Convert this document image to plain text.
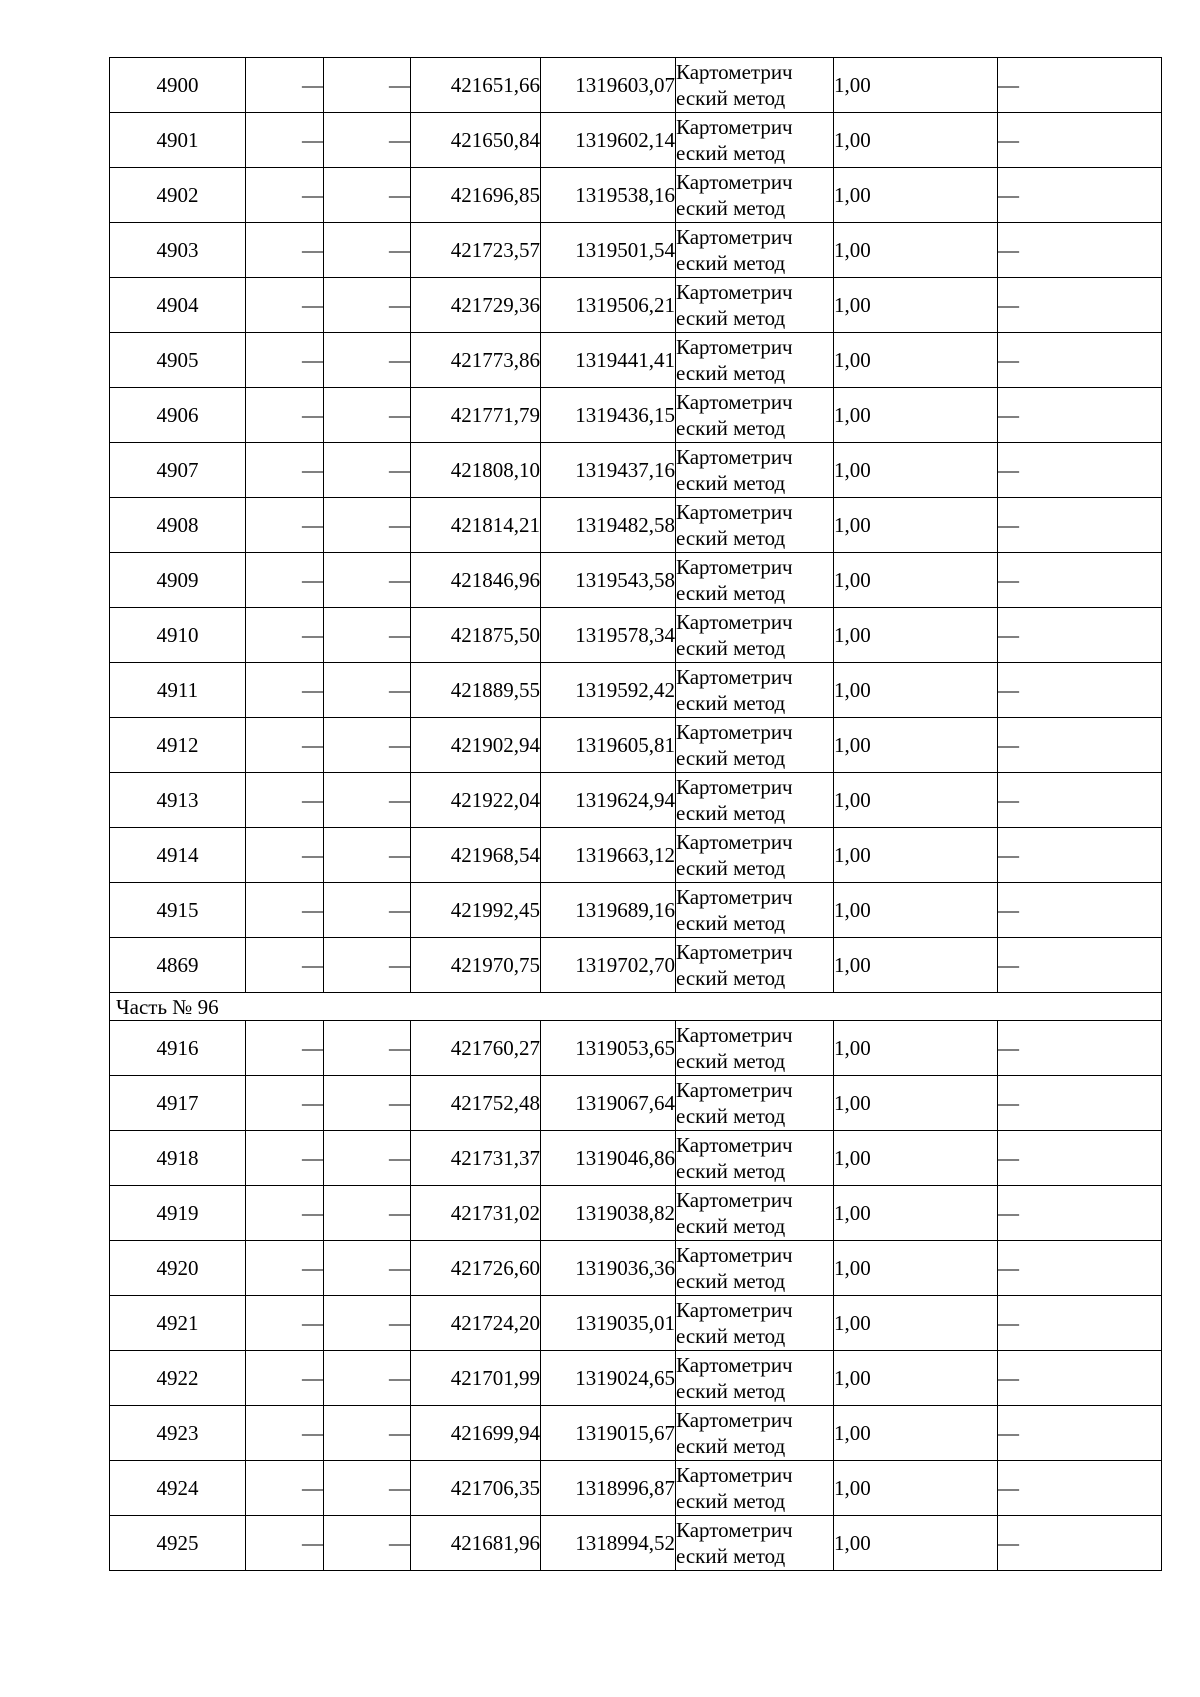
4900	—	—	421651,66	1319603,07	Картометрич
еский метод	1,00	—
4901	—	—	421650,84	1319602,14	Картометрич
еский метод	1,00	—
4902	—	—	421696,85	1319538,16	Картометрич
еский метод	1,00	—
4903	—	—	421723,57	1319501,54	Картометрич
еский метод	1,00	—
4904	—	—	421729,36	1319506,21	Картометрич
еский метод	1,00	—
4905	—	—	421773,86	1319441,41	Картометрич
еский метод	1,00	—
4906	—	—	421771,79	1319436,15	Картометрич
еский метод	1,00	—
4907	—	—	421808,10	1319437,16	Картометрич
еский метод	1,00	—
4908	—	—	421814,21	1319482,58	Картометрич
еский метод	1,00	—
4909	—	—	421846,96	1319543,58	Картометрич
еский метод	1,00	—
4910	—	—	421875,50	1319578,34	Картометрич
еский метод	1,00	—
4911	—	—	421889,55	1319592,42	Картометрич
еский метод	1,00	—
4912	—	—	421902,94	1319605,81	Картометрич
еский метод	1,00	—
4913	—	—	421922,04	1319624,94	Картометрич
еский метод	1,00	—
4914	—	—	421968,54	1319663,12	Картометрич
еский метод	1,00	—
4915	—	—	421992,45	1319689,16	Картометрич
еский метод	1,00	—
4869	—	—	421970,75	1319702,70	Картометрич
еский метод	1,00	—
Часть № 96							
4916	—	—	421760,27	1319053,65	Картометрич
еский метод	1,00	—
4917	—	—	421752,48	1319067,64	Картометрич
еский метод	1,00	—
4918	—	—	421731,37	1319046,86	Картометрич
еский метод	1,00	—
4919	—	—	421731,02	1319038,82	Картометрич
еский метод	1,00	—
4920	—	—	421726,60	1319036,36	Картометрич
еский метод	1,00	—
4921	—	—	421724,20	1319035,01	Картометрич
еский метод	1,00	—
4922	—	—	421701,99	1319024,65	Картометрич
еский метод	1,00	—
4923	—	—	421699,94	1319015,67	Картометрич
еский метод	1,00	—
4924	—	—	421706,35	1318996,87	Картометрич
еский метод	1,00	—
4925	—	—	421681,96	1318994,52	Картометрич
еский метод	1,00	—
